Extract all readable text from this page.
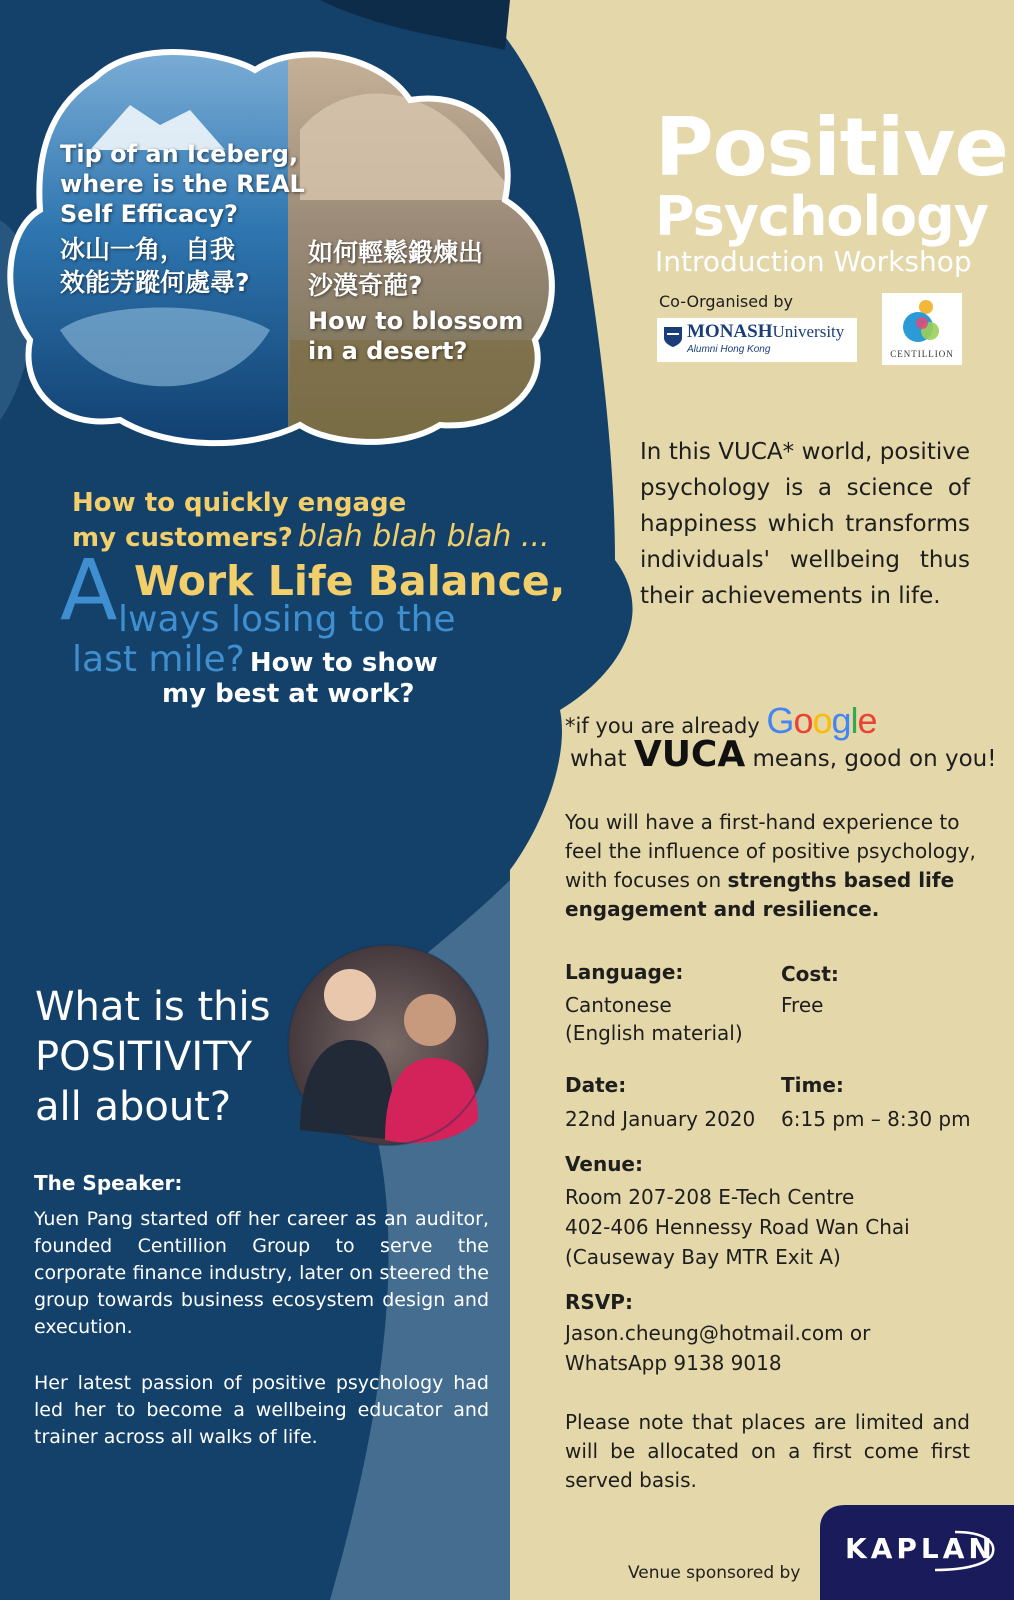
Tip of an Iceberg,
where is the REAL
Self Efficacy?
冰山一角，自我
效能芳蹤何處尋?
如何輕鬆鍛煉出
沙漠奇葩?
How to blossom
in a desert?
Positive
Psychology
Introduction Workshop
Co-Organised by
MONASHUniversity
Alumni Hong Kong	CENTILLION
In this VUCA* world, positive psychology is a science of happiness which transforms individuals' wellbeing thus their achievements in life.
How to quickly engage
my customers? blah blah blah ...
A Work Life Balance,
lways losing to the
last mile? How to show
my best at work?
*if you are already Google
what VUCA means, good on you!
You will have a first-hand experience to feel the influence of positive psychology, with focuses on strengths based life engagement and resilience.
Language:
Cantonese
(English material)
Cost:
Free
Date:
22nd January 2020
Time:
6:15 pm – 8:30 pm
Venue:
Room 207-208 E-Tech Centre
402-406 Hennessy Road Wan Chai
(Causeway Bay MTR Exit A)
RSVP:
Jason.cheung@hotmail.com or
WhatsApp 9138 9018
Please note that places are limited and will be allocated on a first come first served basis.
What is this
POSITIVITY
all about?
The Speaker:
Yuen Pang started off her career as an auditor, founded Centillion Group to serve the corporate finance industry, later on steered the group towards business ecosystem design and execution.
Her latest passion of positive psychology had led her to become a wellbeing educator and trainer across all walks of life.
Venue sponsored by
KAPLAN
